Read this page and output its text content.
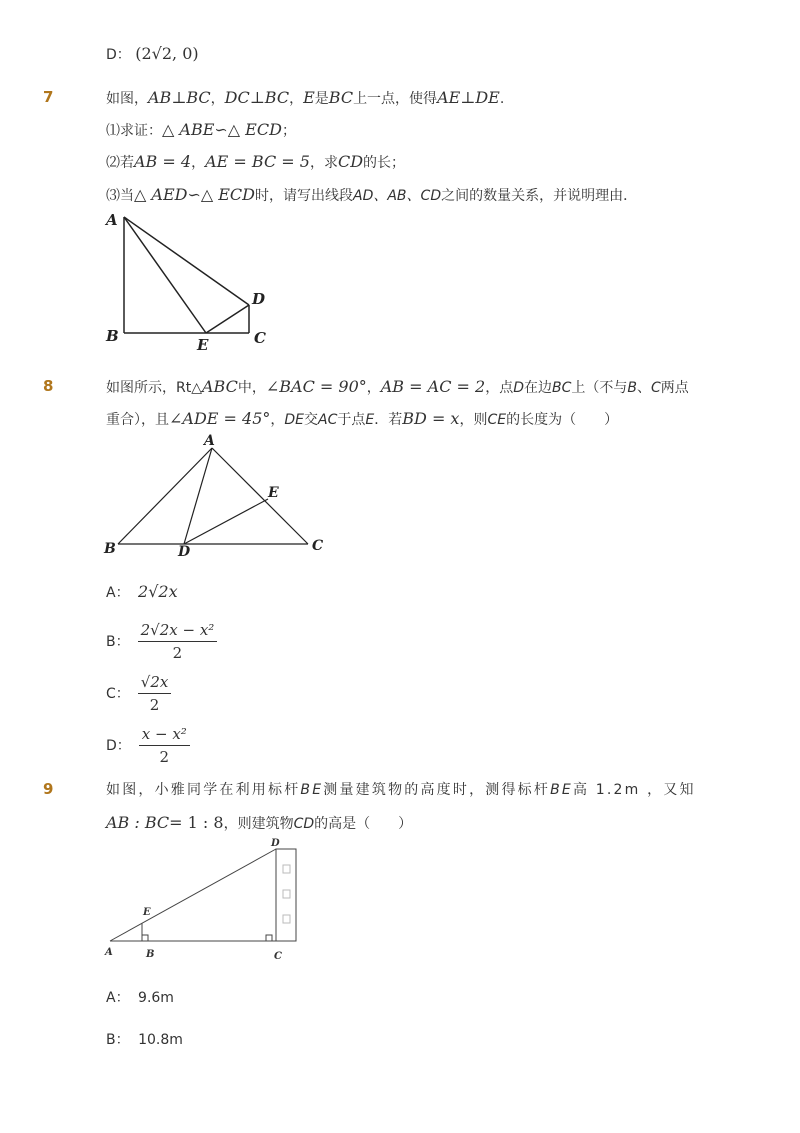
D： (2√2, 0)
7	如图，AB⊥BC，DC⊥BC，E是BC上一点，使得AE⊥DE.
⑴求证：△ ABE∽△ ECD；
⑵若AB = 4，AE = BC = 5，求CD的长；
⑶当△ AED∽△ ECD时，请写出线段AD、AB、CD之间的数量关系，并说明理由．
A
B	C
D
E
8	如图所示，Rt△ABC中，∠BAC = 90°，AB = AC = 2，点D在边BC上（不与B、C两点
重合），且∠ADE = 45°，DE交AC于点E．若BD = x，则CE的长度为（　　）
A
B	C
D
E
A： 2√2x
B： $\frac{\text{2√2x − x²}}{2}$
C： $\frac{√2x}{2}$
D： $\frac{\text{x − x²}}{2}$
9	如图，小雅同学在利用标杆BE测量建筑物的高度时，测得标杆BE高 1.2m ，又知
AB : BC= 1 : 8，则建筑物CD的高是（　　）
A	B	C
D
E
A： 9.6m
B： 10.8m
